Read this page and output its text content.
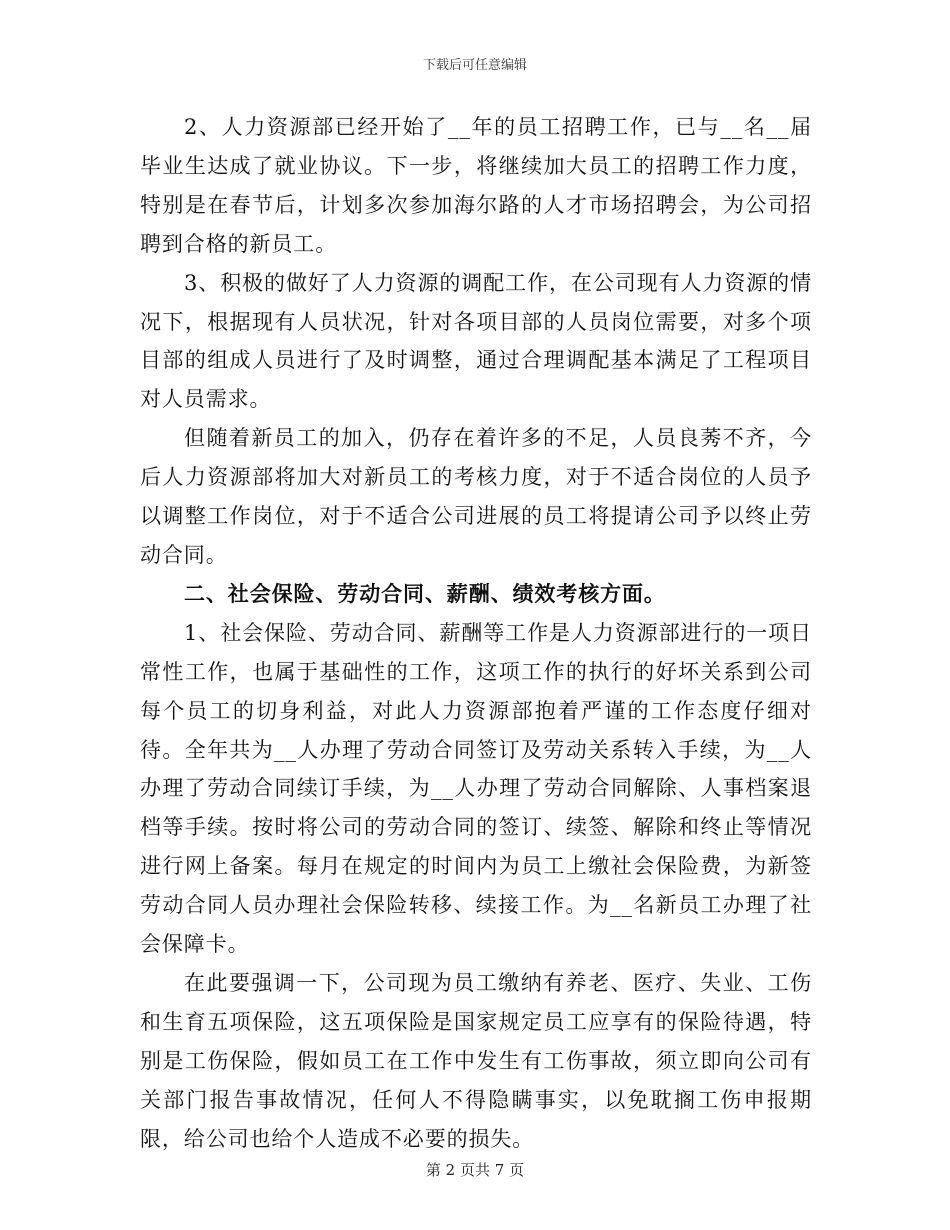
下载后可任意编辑

2、人力资源部已经开始了__年的员工招聘工作，已与__名__届毕业生达成了就业协议。下一步，将继续加大员工的招聘工作力度，特别是在春节后，计划多次参加海尔路的人才市场招聘会，为公司招聘到合格的新员工。

3、积极的做好了人力资源的调配工作，在公司现有人力资源的情况下，根据现有人员状况，针对各项目部的人员岗位需要，对多个项目部的组成人员进行了及时调整，通过合理调配基本满足了工程项目对人员需求。

但随着新员工的加入，仍存在着许多的不足，人员良莠不齐，今后人力资源部将加大对新员工的考核力度，对于不适合岗位的人员予以调整工作岗位，对于不适合公司进展的员工将提请公司予以终止劳动合同。

二、社会保险、劳动合同、薪酬、绩效考核方面。

1、社会保险、劳动合同、薪酬等工作是人力资源部进行的一项日常性工作，也属于基础性的工作，这项工作的执行的好坏关系到公司每个员工的切身利益，对此人力资源部抱着严谨的工作态度仔细对待。全年共为__人办理了劳动合同签订及劳动关系转入手续，为__人办理了劳动合同续订手续，为__人办理了劳动合同解除、人事档案退档等手续。按时将公司的劳动合同的签订、续签、解除和终止等情况进行网上备案。每月在规定的时间内为员工上缴社会保险费，为新签劳动合同人员办理社会保险转移、续接工作。为__名新员工办理了社会保障卡。

在此要强调一下，公司现为员工缴纳有养老、医疗、失业、工伤和生育五项保险，这五项保险是国家规定员工应享有的保险待遇，特别是工伤保险，假如员工在工作中发生有工伤事故，须立即向公司有关部门报告事故情况，任何人不得隐瞒事实，以免耽搁工伤申报期限，给公司也给个人造成不必要的损失。

第 2 页共 7 页
